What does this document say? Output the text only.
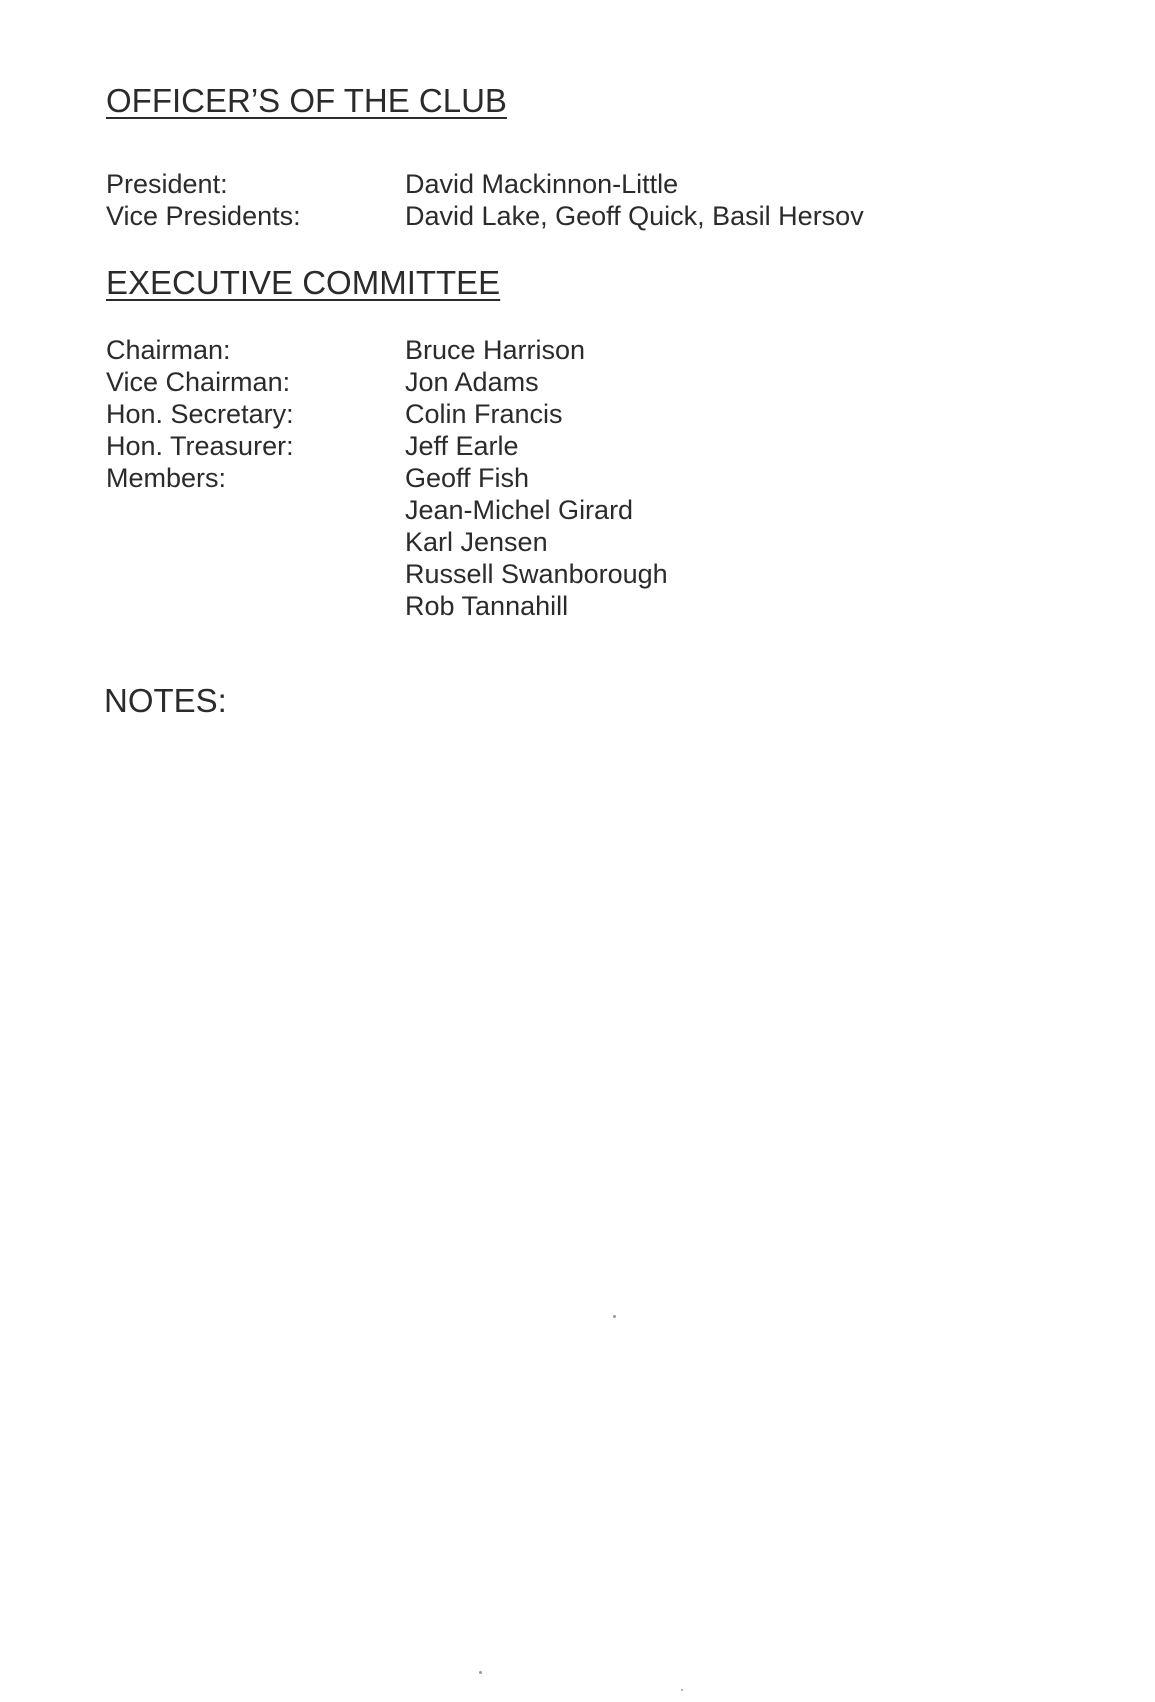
OFFICER’S OF THE CLUB
President:	David Mackinnon-Little
Vice Presidents:	David Lake, Geoff Quick, Basil Hersov
EXECUTIVE COMMITTEE
Chairman:	Bruce Harrison
Vice Chairman:	Jon Adams
Hon. Secretary:	Colin Francis
Hon. Treasurer:	Jeff Earle
Members:	Geoff Fish
Jean-Michel Girard
Karl Jensen
Russell Swanborough
Rob Tannahill
NOTES:
